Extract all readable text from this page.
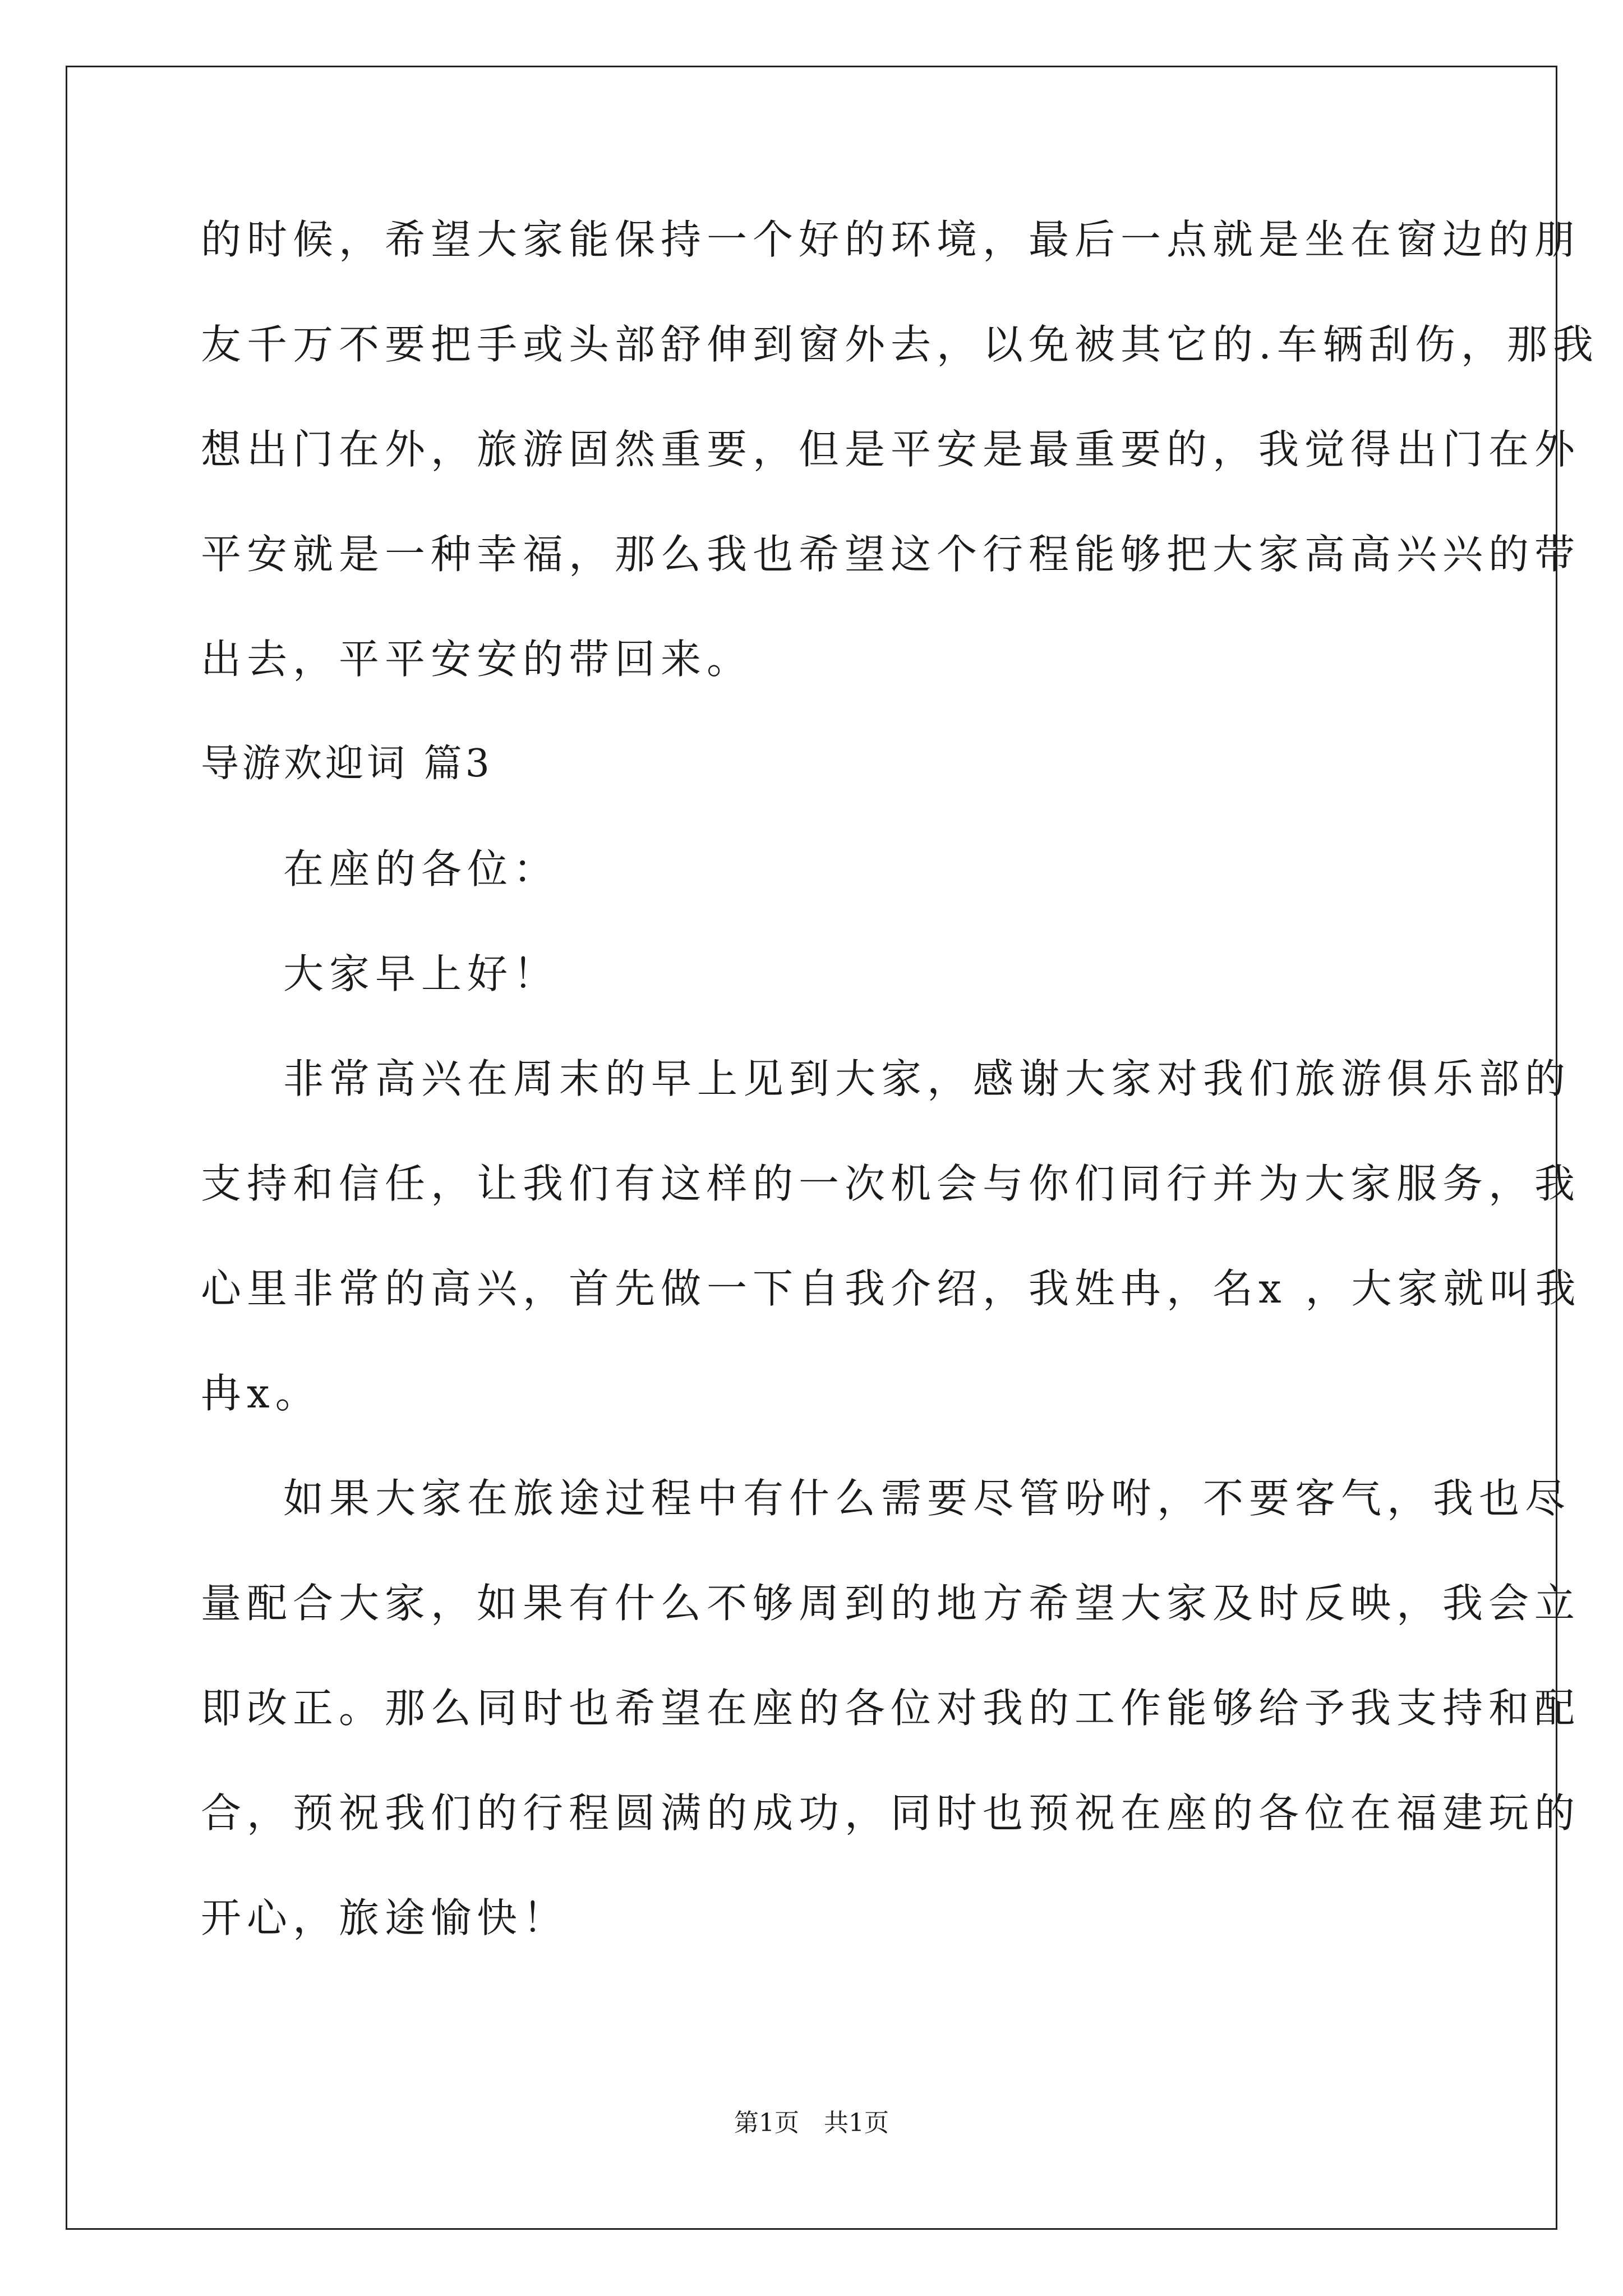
的时候，希望大家能保持一个好的环境，最后一点就是坐在窗边的朋
友千万不要把手或头部舒伸到窗外去，以免被其它的.车辆刮伤，那我
想出门在外，旅游固然重要，但是平安是最重要的，我觉得出门在外
平安就是一种幸福，那么我也希望这个行程能够把大家高高兴兴的带
出去，平平安安的带回来。
导游欢迎词 篇3
在座的各位：
大家早上好！
非常高兴在周末的早上见到大家，感谢大家对我们旅游俱乐部的
支持和信任，让我们有这样的一次机会与你们同行并为大家服务，我
心里非常的高兴，首先做一下自我介绍，我姓冉，名x ，大家就叫我
冉x。
如果大家在旅途过程中有什么需要尽管吩咐，不要客气，我也尽
量配合大家，如果有什么不够周到的地方希望大家及时反映，我会立
即改正。那么同时也希望在座的各位对我的工作能够给予我支持和配
合，预祝我们的行程圆满的成功，同时也预祝在座的各位在福建玩的
开心，旅途愉快！
第1页　共1页
